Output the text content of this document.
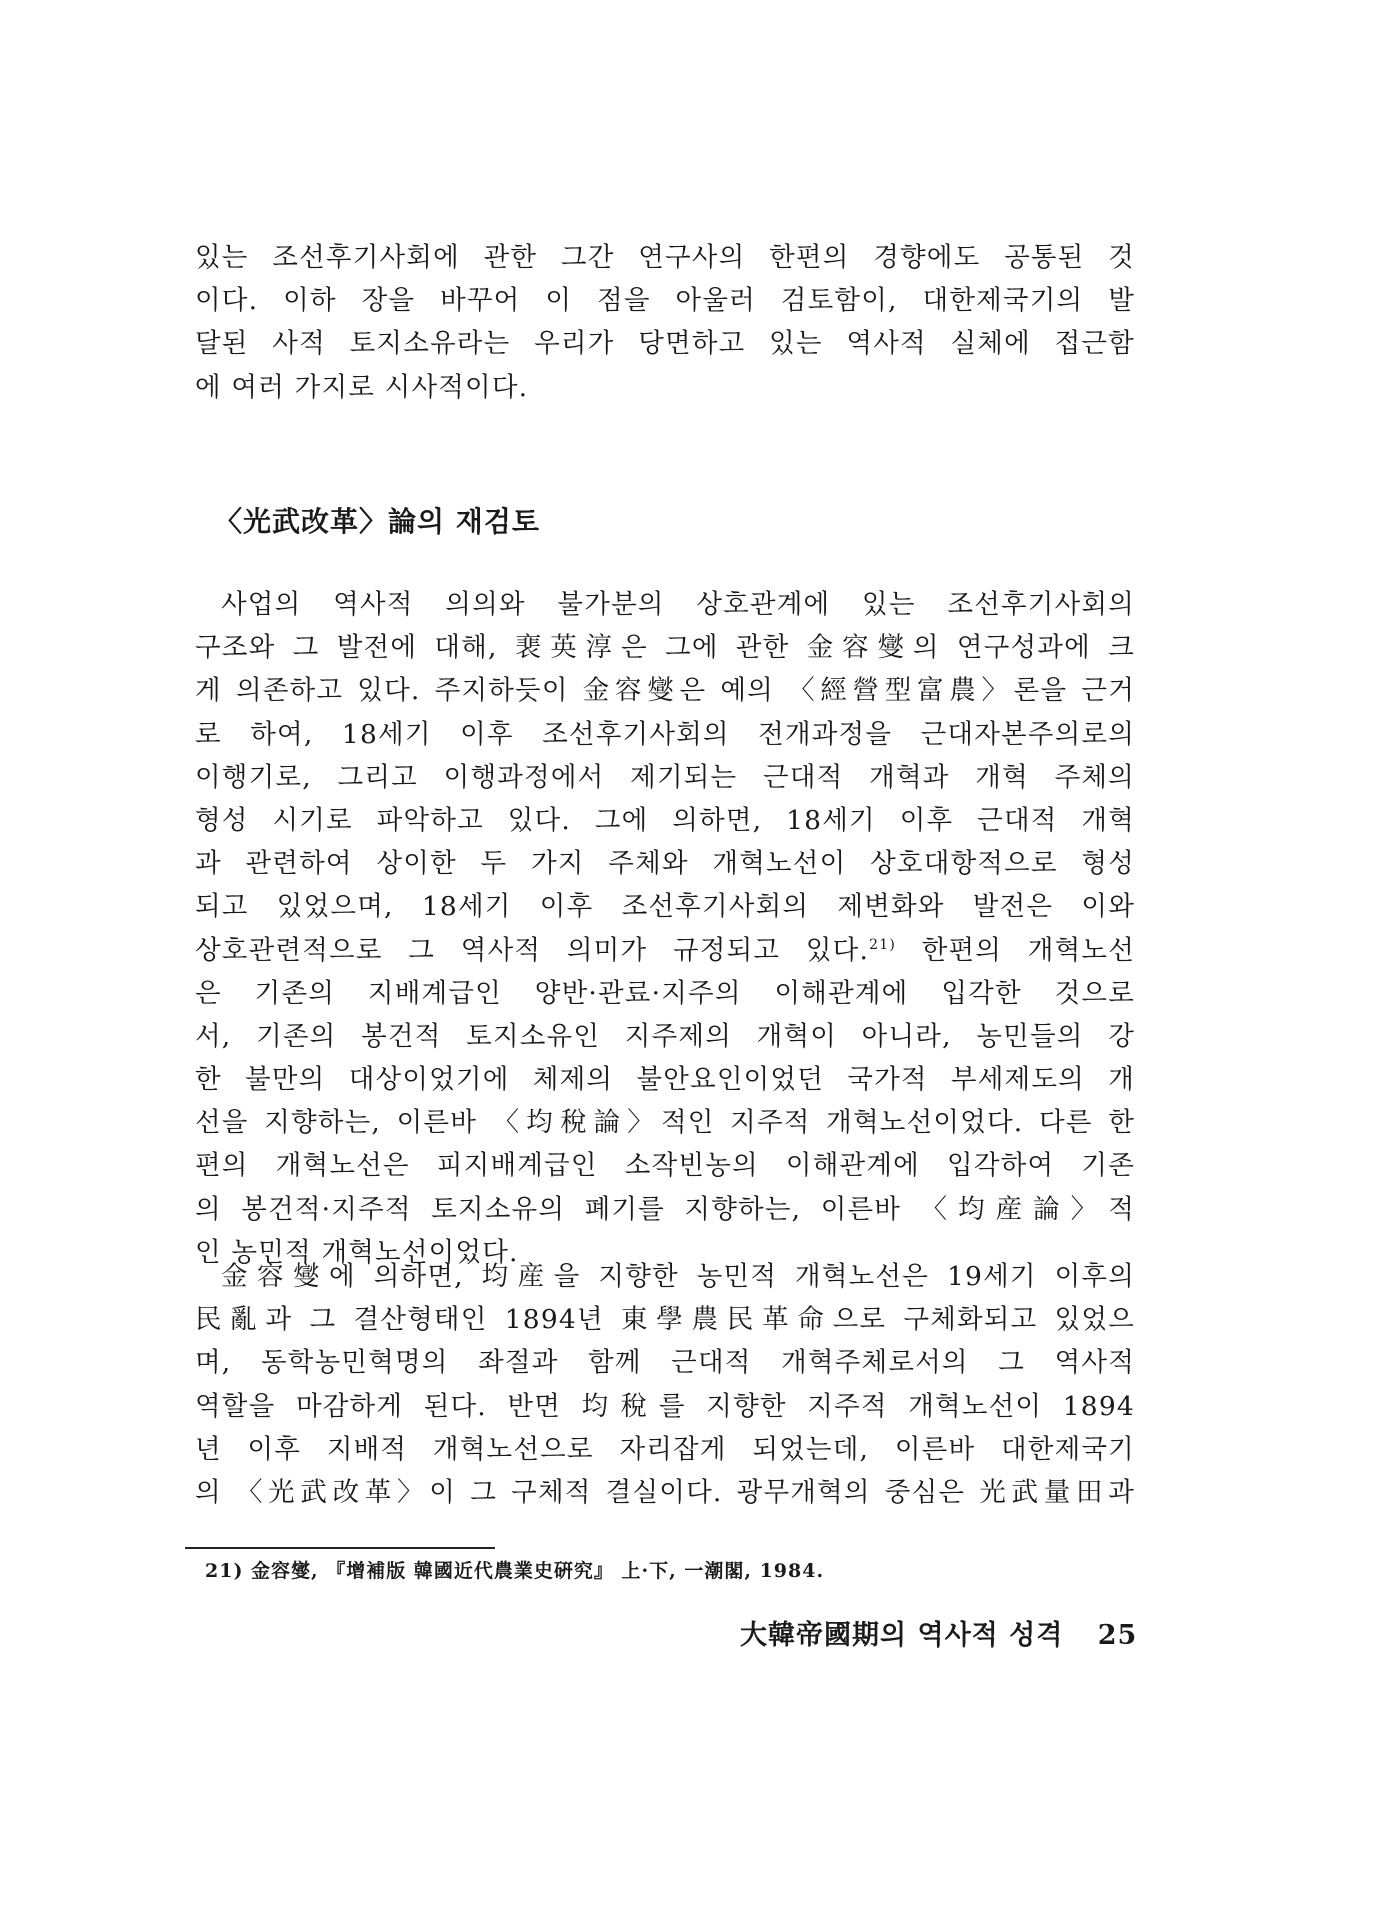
있는 조선후기사회에 관한 그간 연구사의 한편의 경향에도 공통된 것
이다. 이하 장을 바꾸어 이 점을 아울러 검토함이, 대한제국기의 발
달된 사적 토지소유라는 우리가 당면하고 있는 역사적 실체에 접근함
에 여러 가지로 시사적이다.
〈光武改革〉論의 재검토
사업의 역사적 의의와 불가분의 상호관계에 있는 조선후기사회의
구조와 그 발전에 대해, 裵英淳은 그에 관한 金容燮의 연구성과에 크
게 의존하고 있다. 주지하듯이 金容燮은 예의 〈經營型富農〉론을 근거
로 하여, 18세기 이후 조선후기사회의 전개과정을 근대자본주의로의
이행기로, 그리고 이행과정에서 제기되는 근대적 개혁과 개혁 주체의
형성 시기로 파악하고 있다. 그에 의하면, 18세기 이후 근대적 개혁
과 관련하여 상이한 두 가지 주체와 개혁노선이 상호대항적으로 형성
되고 있었으며, 18세기 이후 조선후기사회의 제변화와 발전은 이와
상호관련적으로 그 역사적 의미가 규정되고 있다.$^{21)}$ 한편의 개혁노선
은 기존의 지배계급인 양반·관료·지주의 이해관계에 입각한 것으로
서, 기존의 봉건적 토지소유인 지주제의 개혁이 아니라, 농민들의 강
한 불만의 대상이었기에 체제의 불안요인이었던 국가적 부세제도의 개
선을 지향하는, 이른바 〈均稅論〉적인 지주적 개혁노선이었다. 다른 한
편의 개혁노선은 피지배계급인 소작빈농의 이해관계에 입각하여 기존
의 봉건적·지주적 토지소유의 폐기를 지향하는, 이른바 〈均産論〉적
인 농민적 개혁노선이었다.
金容燮에 의하면, 均産을 지향한 농민적 개혁노선은 19세기 이후의
民亂과 그 결산형태인 1894년 東學農民革命으로 구체화되고 있었으
며, 동학농민혁명의 좌절과 함께 근대적 개혁주체로서의 그 역사적
역할을 마감하게 된다. 반면 均稅를 지향한 지주적 개혁노선이 1894
년 이후 지배적 개혁노선으로 자리잡게 되었는데, 이른바 대한제국기
의 〈光武改革〉이 그 구체적 결실이다. 광무개혁의 중심은 光武量田과
21) 金容燮, 『增補版 韓國近代農業史硏究』 上·下, 一潮閣, 1984.
大韓帝國期의 역사적 성격 25
